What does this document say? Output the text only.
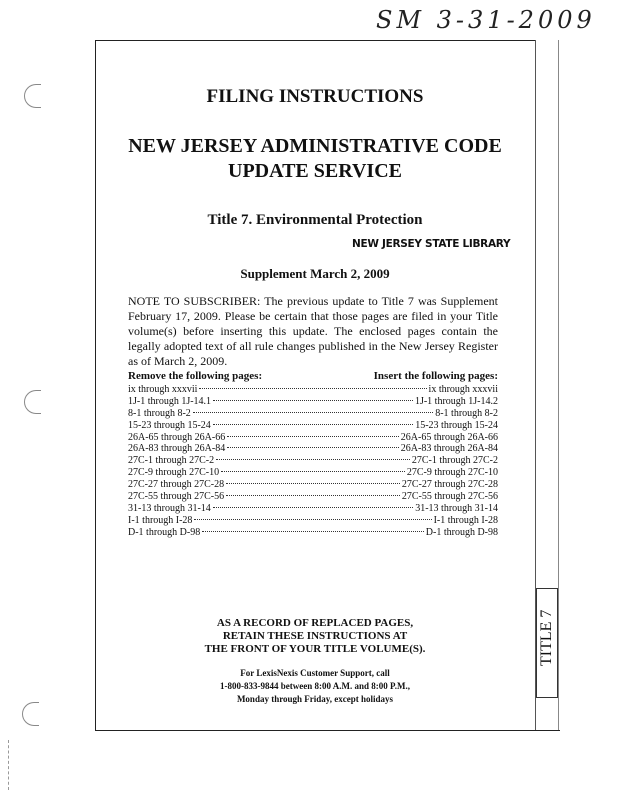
TITLE 7
SM 3-31-2009
FILING INSTRUCTIONS
NEW JERSEY ADMINISTRATIVE CODE
UPDATE SERVICE
Title 7. Environmental Protection
NEW JERSEY STATE LIBRARY
Supplement March 2, 2009

NOTE TO SUBSCRIBER: The previous update to Title 7 was Supplement February 17, 2009. Please be certain that those pages are filed in your Title volume(s) before inserting this update. The enclosed pages contain the legally adopted text of all rule changes published in the New Jersey Register as of March 2, 2009.

Remove the following pages:	Insert the following pages:
ix through xxxvii	ix through xxxvii
1J-1 through 1J-14.1	1J-1 through 1J-14.2
8-1 through 8-2	8-1 through 8-2
15-23 through 15-24	15-23 through 15-24
26A-65 through 26A-66	26A-65 through 26A-66
26A-83 through 26A-84	26A-83 through 26A-84
27C-1 through 27C-2	27C-1 through 27C-2
27C-9 through 27C-10	27C-9 through 27C-10
27C-27 through 27C-28	27C-27 through 27C-28
27C-55 through 27C-56	27C-55 through 27C-56
31-13 through 31-14	31-13 through 31-14
I-1 through I-28	I-1 through I-28
D-1 through D-98	D-1 through D-98
AS A RECORD OF REPLACED PAGES,
RETAIN THESE INSTRUCTIONS AT
THE FRONT OF YOUR TITLE VOLUME(S).
For LexisNexis Customer Support, call
1-800-833-9844 between 8:00 A.M. and 8:00 P.M.,
Monday through Friday, except holidays
